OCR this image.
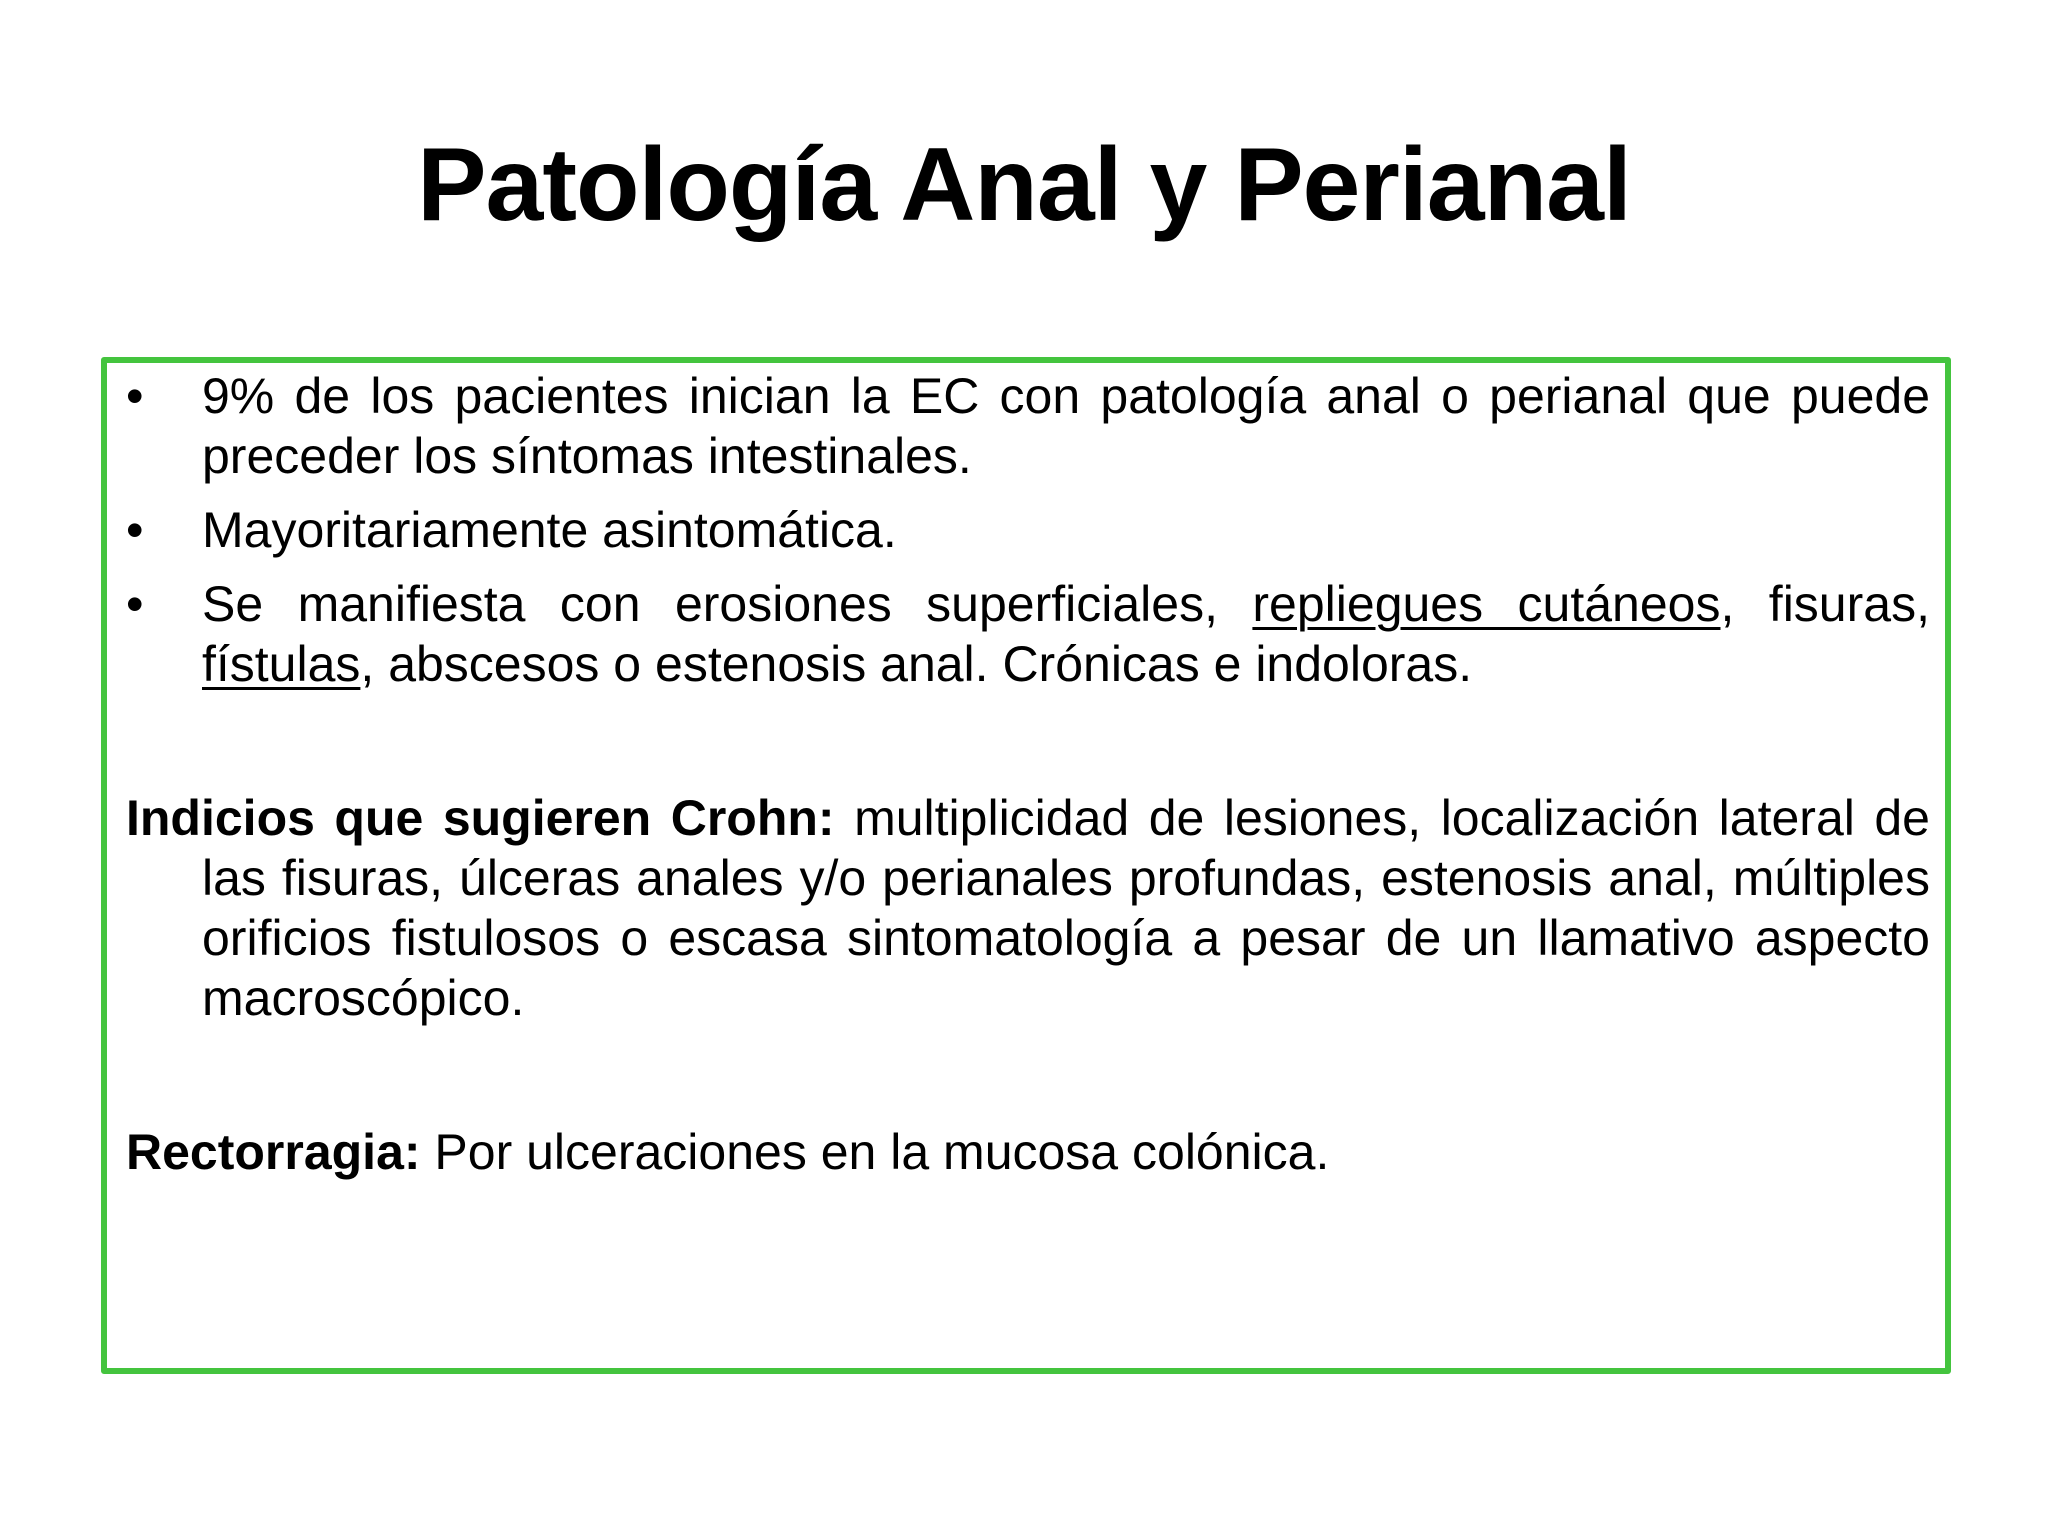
Patología Anal y Perianal
• 9% de los pacientes inician la EC con patología anal o perianal que puede preceder los síntomas intestinales.
• Mayoritariamente asintomática.
• Se manifiesta con erosiones superficiales, repliegues cutáneos, fisuras, fístulas, abscesos o estenosis anal. Crónicas e indoloras.

Indicios que sugieren Crohn: multiplicidad de lesiones, localización lateral de las fisuras, úlceras anales y/o perianales profundas, estenosis anal, múltiples orificios fistulosos o escasa sintomatología a pesar de un llamativo aspecto macroscópico.

Rectorragia: Por ulceraciones en la mucosa colónica.
